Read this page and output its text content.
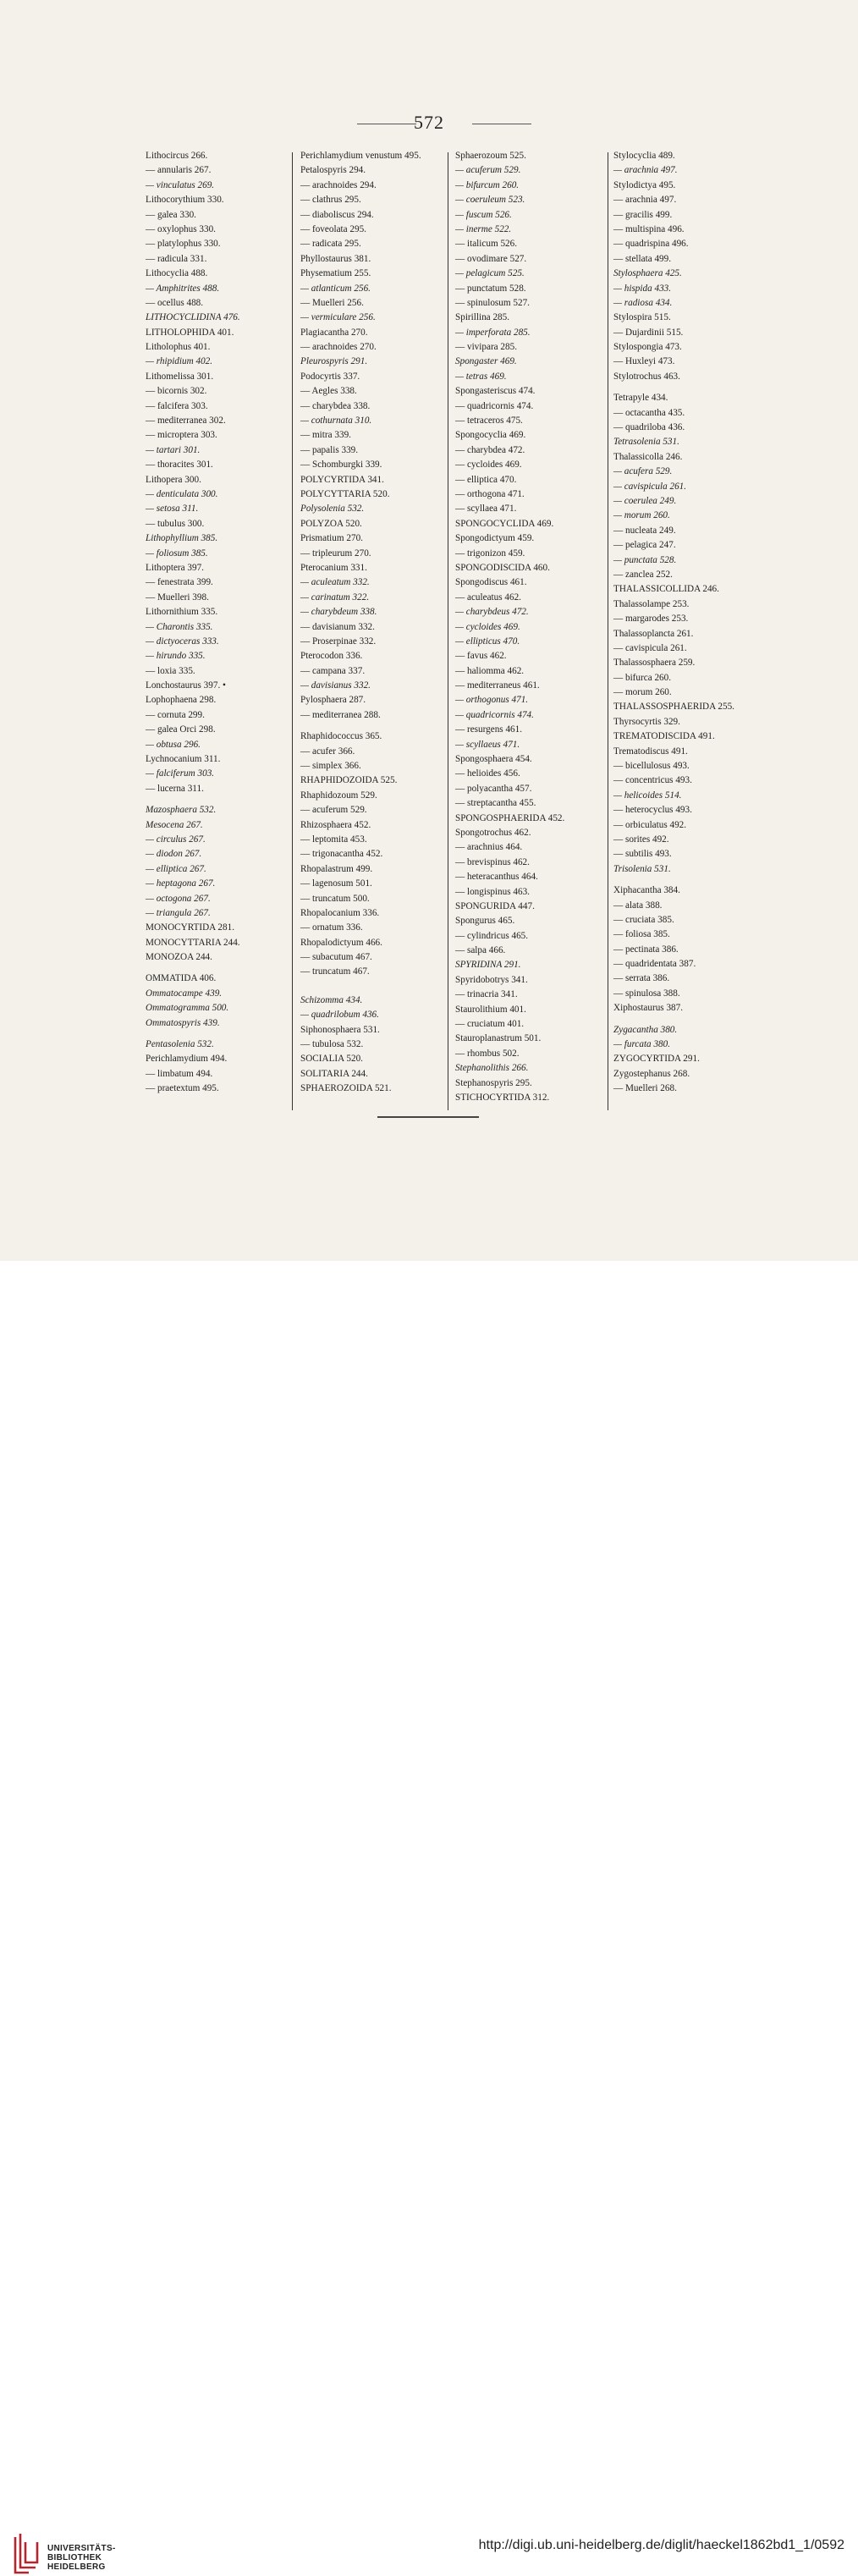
572
Lithocircus 266.
— annularis 267.
— vinculatus 269.
Lithocorythium 330.
— galea 330.
— oxylophus 330.
— platylophus 330.
— radicula 331.
Lithocyclia 488.
— Amphitrites 488.
— ocellus 488.
LITHOCYCLIDINA 476.
LITHOLOPHIDA 401.
Litholophus 401.
— rhipidium 402.
Lithomelissa 301.
— bicornis 302.
— falcifera 303.
— mediterranea 302.
— microptera 303.
— tartari 301.
— thoracites 301.
Lithopera 300.
— denticulata 300.
— setosa 311.
— tubulus 300.
Lithophyllium 385.
— foliosum 385.
Lithoptera 397.
— fenestrata 399.
— Muelleri 398.
Lithornithium 335.
— Charontis 335.
— dictyoceras 333.
— hirundo 335.
— loxia 335.
Lonchostaurus 397. •
Lophophaena 298.
— cornuta 299.
— galea Orci 298.
— obtusa 296.
Lychnocanium 311.
— falciferum 303.
— lucerna 311.
Mazosphaera 532.
Mesocena 267.
— circulus 267.
— diodon 267.
— elliptica 267.
— heptagona 267.
— octogona 267.
— triangula 267.
MONOCYRTIDA 281.
MONOCYTTARIA 244.
MONOZOA 244.
OMMATIDA 406.
Ommatocampe 439.
Ommatogramma 500.
Ommatospyris 439.
Pentasolenia 532.
Perichlamydium 494.
— limbatum 494.
— praetextum 495.
Perichlamydium venustum 495.
Petalospyris 294.
— arachnoides 294.
— clathrus 295.
— diaboliscus 294.
— foveolata 295.
— radicata 295.
Phyllostaurus 381.
Physematium 255.
— atlanticum 256.
— Muelleri 256.
— vermiculare 256.
Plagiacantha 270.
— arachnoides 270.
Pleurospyris 291.
Podocyrtis 337.
— Aegles 338.
— charybdea 338.
— cothurnata 310.
— mitra 339.
— papalis 339.
— Schomburgki 339.
POLYCYRTIDA 341.
POLYCYTTARIA 520.
Polysolenia 532.
POLYZOA 520.
Prismatium 270.
— tripleurum 270.
Pterocanium 331.
— aculeatum 332.
— carinatum 322.
— charybdeum 338.
— davisianum 332.
— Proserpinae 332.
Pterocodon 336.
— campana 337.
— davisianus 332.
Pylosphaera 287.
— mediterranea 288.
Rhaphidococcus 365.
— acufer 366.
— simplex 366.
RHAPHIDOZOIDA 525.
Rhaphidozoum 529.
— acuferum 529.
Rhizosphaera 452.
— leptomita 453.
— trigonacantha 452.
Rhopalastrum 499.
— lagenosum 501.
— truncatum 500.
Rhopalocanium 336.
— ornatum 336.
Rhopalodictyum 466.
— subacutum 467.
— truncatum 467.
Schizomma 434.
— quadrilobum 436.
Siphonosphaera 531.
— tubulosa 532.
SOCIALIA 520.
SOLITARIA 244.
SPHAEROZOIDA 521.
Sphaerozoum 525.
— acuferum 529.
— bifurcum 260.
— coeruleum 523.
— fuscum 526.
— inerme 522.
— italicum 526.
— ovodimare 527.
— pelagicum 525.
— punctatum 528.
— spinulosum 527.
Spirillina 285.
— imperforata 285.
— vivipara 285.
Spongaster 469.
— tetras 469.
Spongasteriscus 474.
— quadricornis 474.
— tetraceros 475.
Spongocyclia 469.
— charybdea 472.
— cycloides 469.
— elliptica 470.
— orthogona 471.
— scyllaea 471.
SPONGOCYCLIDA 469.
Spongodictyum 459.
— trigonizon 459.
SPONGODISCIDA 460.
Spongodiscus 461.
— aculeatus 462.
— charybdeus 472.
— cycloides 469.
— ellipticus 470.
— favus 462.
— haliomma 462.
— mediterraneus 461.
— orthogonus 471.
— quadricornis 474.
— resurgens 461.
— scyllaeus 471.
Spongosphaera 454.
— helioides 456.
— polyacantha 457.
— streptacantha 455.
SPONGOSPHAERIDA 452.
Spongotrochus 462.
— arachnius 464.
— brevispinus 462.
— heteracanthus 464.
— longispinus 463.
SPONGURIDA 447.
Spongurus 465.
— cylindricus 465.
— salpa 466.
SPYRIDINA 291.
Spyridobotrys 341.
— trinacria 341.
Staurolithium 401.
— cruciatum 401.
Stauroplanastrum 501.
— rhombus 502.
Stephanolithis 266.
Stephanospyris 295.
STICHOCYRTIDA 312.
Stylocyclia 489.
— arachnia 497.
Stylodictya 495.
— arachnia 497.
— gracilis 499.
— multispina 496.
— quadrispina 496.
— stellata 499.
Stylosphaera 425.
— hispida 433.
— radiosa 434.
Stylospira 515.
— Dujardinii 515.
Stylospongia 473.
— Huxleyi 473.
Stylotrochus 463.
Tetrapyle 434.
— octacantha 435.
— quadriloba 436.
Tetrasolenia 531.
Thalassicolla 246.
— acufera 529.
— cavispicula 261.
— coerulea 249.
— morum 260.
— nucleata 249.
— pelagica 247.
— punctata 528.
— zanclea 252.
THALASSICOLLIDA 246.
Thalassolampe 253.
— margarodes 253.
Thalassoplancta 261.
— cavispicula 261.
Thalassosphaera 259.
— bifurca 260.
— morum 260.
THALASSOSPHAERIDA 255.
Thyrsocyrtis 329.
TREMATODISCIDA 491.
Trematodiscus 491.
— bicellulosus 493.
— concentricus 493.
— helicoides 514.
— heterocyclus 493.
— orbiculatus 492.
— sorites 492.
— subtilis 493.
Trisolenia 531.
Xiphacantha 384.
— alata 388.
— cruciata 385.
— foliosa 385.
— pectinata 386.
— quadridentata 387.
— serrata 386.
— spinulosa 388.
Xiphostaurus 387.
Zygacantha 380.
— furcata 380.
ZYGOCYRTIDA 291.
Zygostephanus 268.
— Muelleri 268.
UNIVERSITÄTS-
BIBLIOTHEK
HEIDELBERG
http://digi.ub.uni-heidelberg.de/diglit/haeckel1862bd1_1/0592
